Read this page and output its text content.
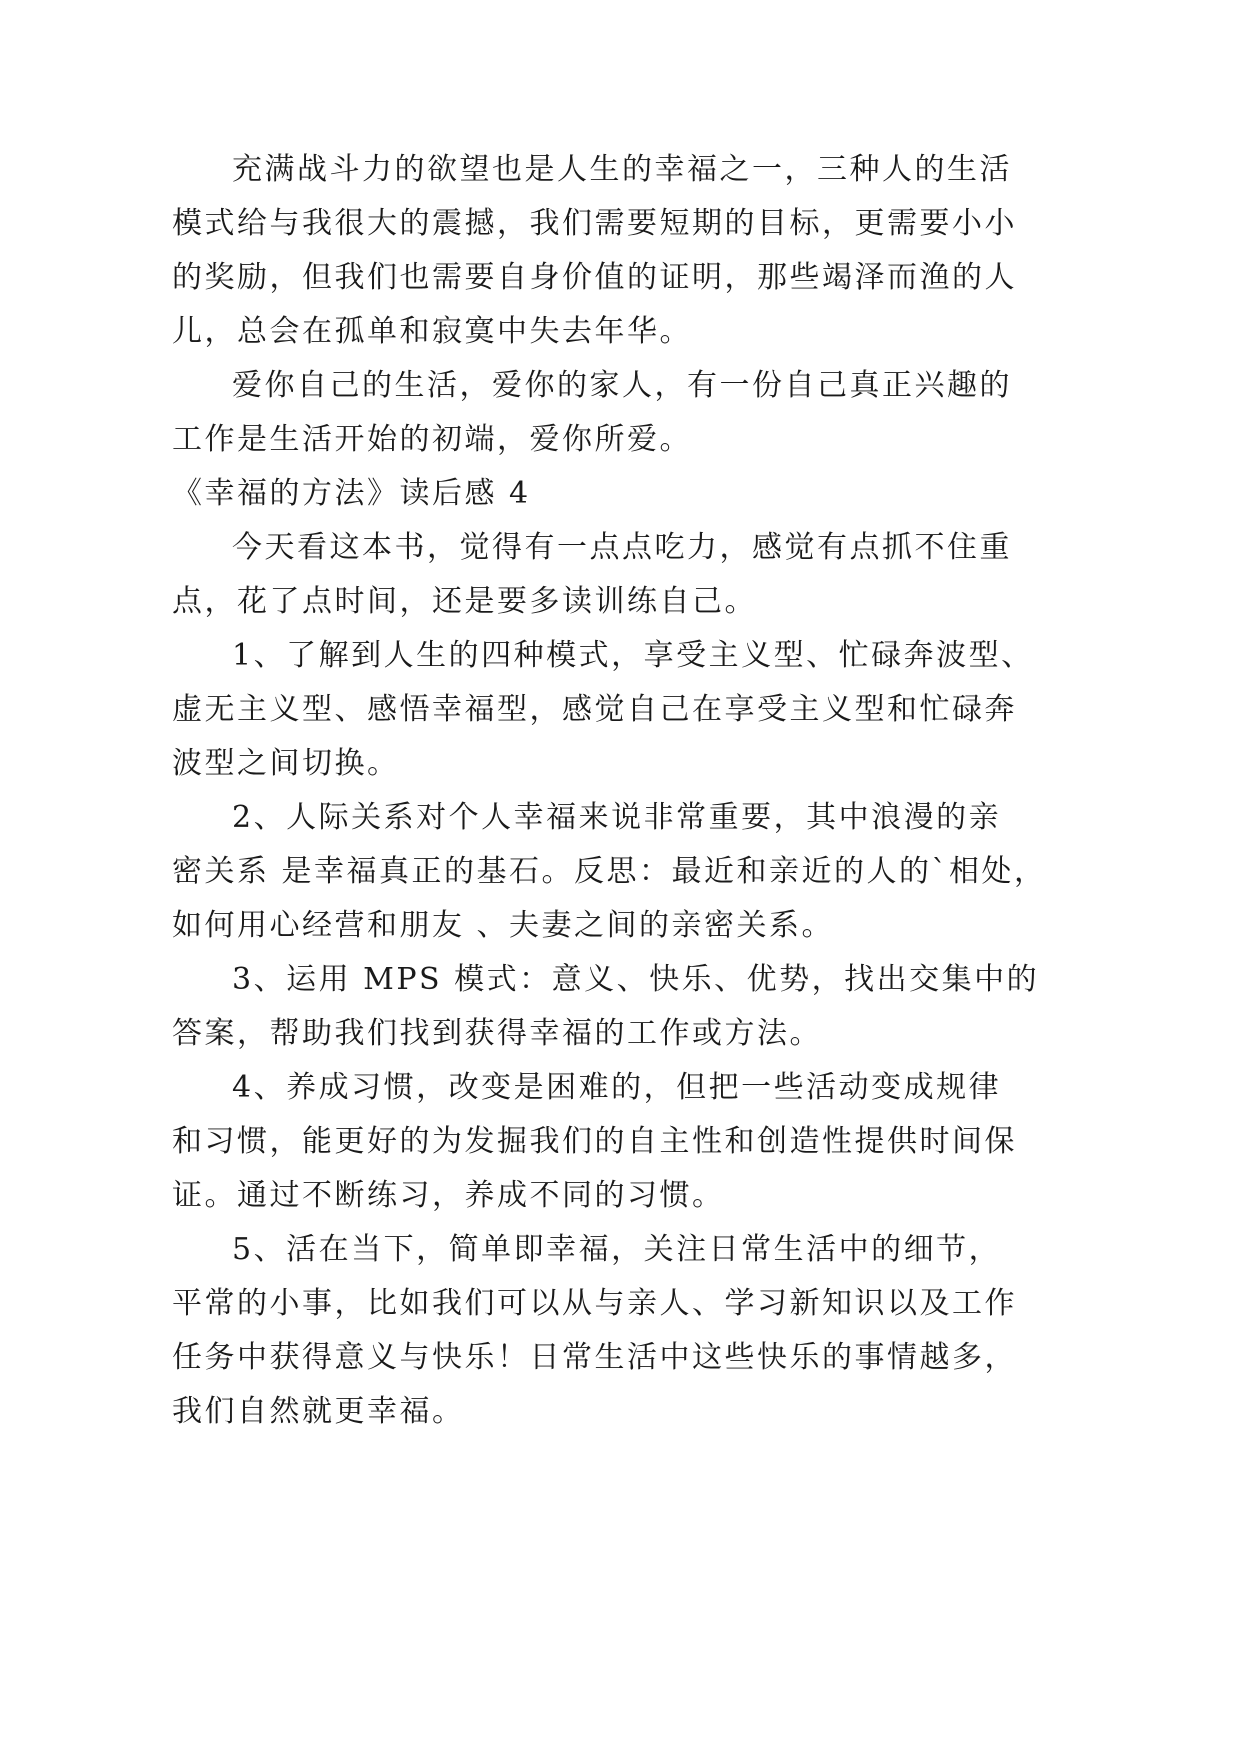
充满战斗力的欲望也是人生的幸福之一，三种人的生活
模式给与我很大的震撼，我们需要短期的目标，更需要小小
的奖励，但我们也需要自身价值的证明，那些竭泽而渔的人
儿，总会在孤单和寂寞中失去年华。
爱你自己的生活，爱你的家人，有一份自己真正兴趣的
工作是生活开始的初端，爱你所爱。
《幸福的方法》读后感 4
今天看这本书，觉得有一点点吃力，感觉有点抓不住重
点，花了点时间，还是要多读训练自己。
1、了解到人生的四种模式，享受主义型、忙碌奔波型、
虚无主义型、感悟幸福型，感觉自己在享受主义型和忙碌奔
波型之间切换。
2、人际关系对个人幸福来说非常重要，其中浪漫的亲
密关系 是幸福真正的基石。反思：最近和亲近的人的`相处，
如何用心经营和朋友 、夫妻之间的亲密关系。
3、运用 MPS 模式：意义、快乐、优势，找出交集中的
答案，帮助我们找到获得幸福的工作或方法。
4、养成习惯，改变是困难的，但把一些活动变成规律
和习惯，能更好的为发掘我们的自主性和创造性提供时间保
证。通过不断练习，养成不同的习惯。
5、活在当下，简单即幸福，关注日常生活中的细节，
平常的小事，比如我们可以从与亲人、学习新知识以及工作
任务中获得意义与快乐！日常生活中这些快乐的事情越多，
我们自然就更幸福。
